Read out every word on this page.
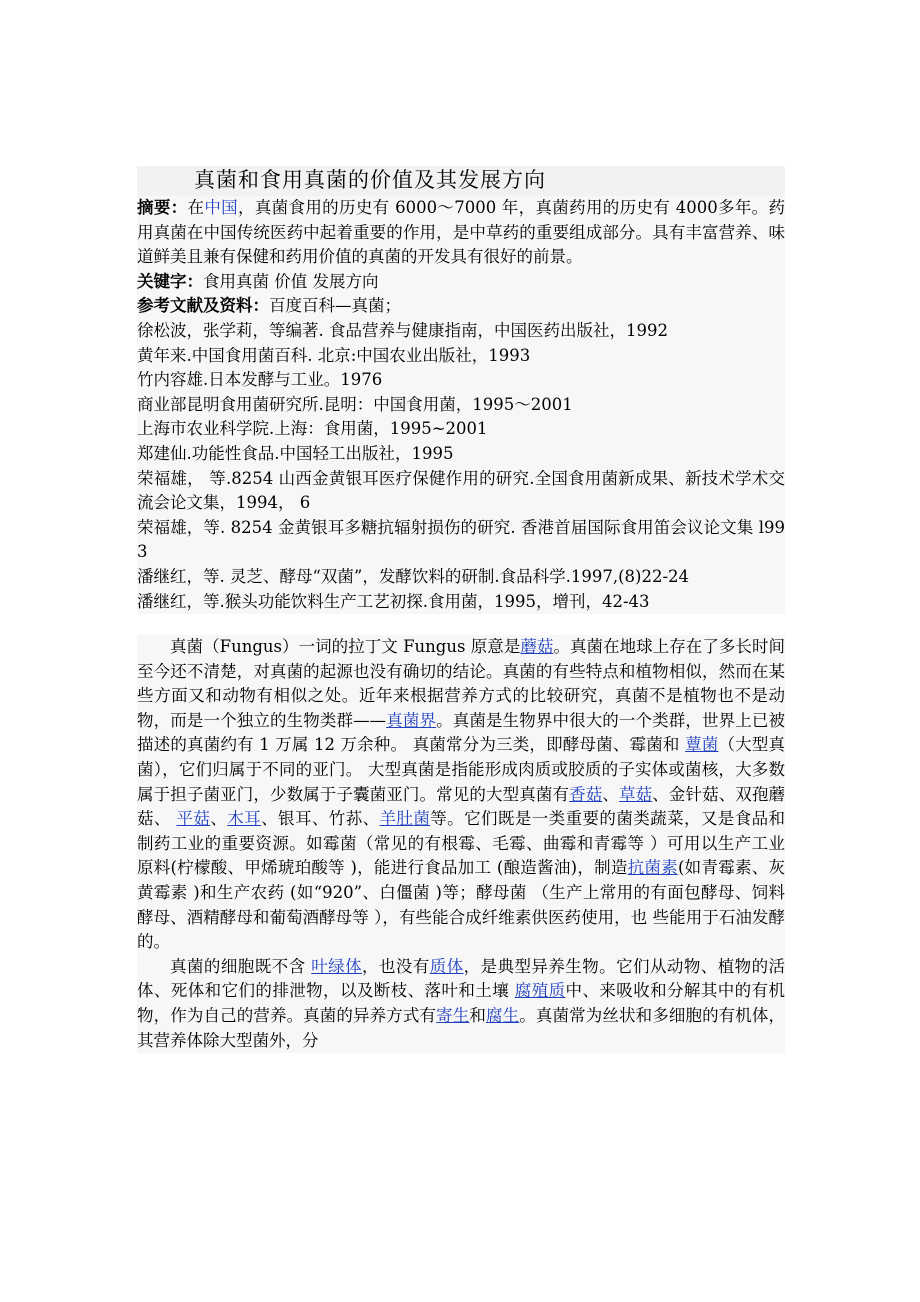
真菌和食用真菌的价值及其发展方向
摘要：在中国，真菌食用的历史有 6000～7000 年，真菌药用的历史有 4000多年。药用真菌在中国传统医药中起着重要的作用，是中草药的重要组成部分。具有丰富营养、味道鲜美且兼有保健和药用价值的真菌的开发具有很好的前景。
关键字：食用真菌 价值 发展方向
参考文献及资料：百度百科—真菌；
徐松波，张学莉，等编著. 食品营养与健康指南，中国医药出版社，1992
黄年来.中国食用菌百科. 北京:中国农业出版社，1993
竹内容雄.日本发酵与工业。1976
商业部昆明食用菌研究所.昆明：中国食用菌，1995～2001
上海市农业科学院.上海：食用菌，1995~2001
郑建仙.功能性食品.中国轻工出版社，1995
荣福雄， 等.8254 山西金黄银耳医疗保健作用的研究.全国食用菌新成果、新技术学术交流会论文集，1994， 6
荣福雄，等. 8254 金黄银耳多糖抗辐射损伤的研究. 香港首届国际食用笛会议论文集 l993
潘继红，等. 灵芝、酵母“双菌”，发酵饮料的研制.食品科学.1997,(8)22-24
潘继红，等.猴头功能饮料生产工艺初探.食用菌，1995，增刊，42-43
真菌（Fungus）一词的拉丁文 Fungus 原意是蘑菇。真菌在地球上存在了多长时间至今还不清楚，对真菌的起源也没有确切的结论。真菌的有些特点和植物相似，然而在某些方面又和动物有相似之处。近年来根据营养方式的比较研究，真菌不是植物也不是动物，而是一个独立的生物类群——真菌界。真菌是生物界中很大的一个类群，世界上已被描述的真菌约有 1 万属 12 万余种。 真菌常分为三类，即酵母菌、霉菌和 蕈菌（大型真菌），它们归属于不同的亚门。 大型真菌是指能形成肉质或胶质的子实体或菌核，大多数属于担子菌亚门，少数属于子囊菌亚门。常见的大型真菌有香菇、草菇、金针菇、双孢蘑菇、 平菇、木耳、银耳、竹荪、羊肚菌等。它们既是一类重要的菌类蔬菜，又是食品和制药工业的重要资源。如霉菌（常见的有根霉、毛霉、曲霉和青霉等 ）可用以生产工业原料(柠檬酸、甲烯琥珀酸等 )，能进行食品加工 (酿造酱油)，制造抗菌素(如青霉素、灰黄霉素 )和生产农药 (如“920”、白僵菌 )等；酵母菌 （生产上常用的有面包酵母、饲料酵母、酒精酵母和葡萄酒酵母等 ），有些能合成纤维素供医药使用，也 些能用于石油发酵的。
真菌的细胞既不含 叶绿体，也没有质体，是典型异养生物。它们从动物、植物的活体、死体和它们的排泄物，以及断枝、落叶和土壤 腐殖质中、来吸收和分解其中的有机物，作为自己的营养。真菌的异养方式有寄生和腐生。真菌常为丝状和多细胞的有机体，其营养体除大型菌外，分
